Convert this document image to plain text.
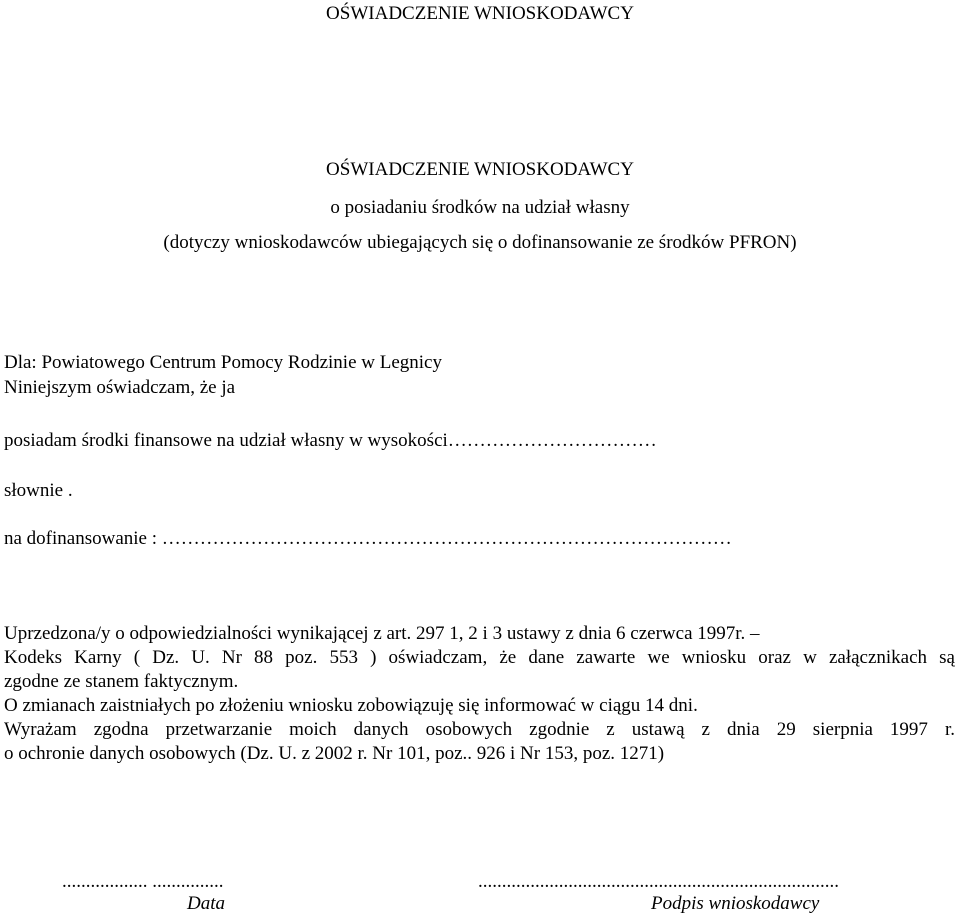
OŚWIADCZENIE WNIOSKODAWCY
OŚWIADCZENIE WNIOSKODAWCY
o posiadaniu środków na udział własny
(dotyczy wnioskodawców ubiegających się o dofinansowanie ze środków PFRON)
Dla: Powiatowego Centrum Pomocy Rodzinie w Legnicy
Niniejszym oświadczam, że ja
posiadam środki finansowe na udział własny w wysokości……………………………
słownie .
na dofinansowanie : ………………………………………………………………………………
Uprzedzona/y o odpowiedzialności wynikającej z art. 297 1, 2 i 3 ustawy z dnia 6 czerwca 1997r. –
Kodeks Karny ( Dz. U. Nr 88 poz. 553 ) oświadczam, że dane zawarte we wniosku oraz w załącznikach są
zgodne ze stanem faktycznym.
O zmianach zaistniałych po złożeniu wniosku zobowiązuję się informować w ciągu 14 dni.
Wyrażam zgodna przetwarzanie moich danych osobowych zgodnie z ustawą z dnia 29 sierpnia 1997 r.
o ochronie danych osobowych (Dz. U. z 2002 r. Nr 101, poz.. 926 i Nr 153, poz. 1271)
.................. ...............
Data
............................................................................
Podpis wnioskodawcy
